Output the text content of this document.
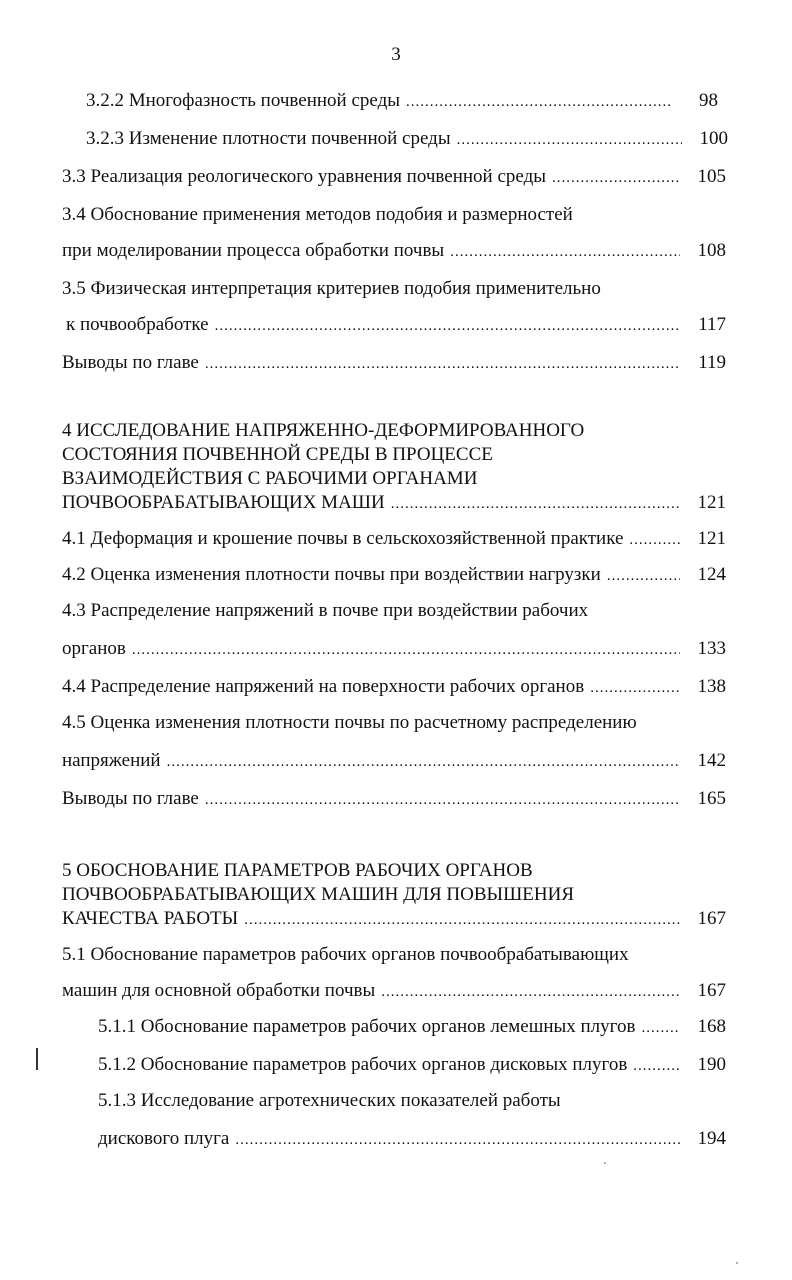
3
3.2.2 Многофазность почвенной среды .....	98
3.2.3 Изменение плотности почвенной среды .....	100
3.3 Реализация реологического уравнения почвенной среды .....	105
3.4 Обоснование применения методов подобия и размерностей
при моделировании процесса обработки почвы .....	108
3.5 Физическая интерпретация критериев подобия применительно
к почвообработке .....	117
Выводы по главе .....	119
4 ИССЛЕДОВАНИЕ НАПРЯЖЕННО-ДЕФОРМИРОВАННОГО
СОСТОЯНИЯ ПОЧВЕННОЙ СРЕДЫ В ПРОЦЕССЕ
ВЗАИМОДЕЙСТВИЯ С РАБОЧИМИ ОРГАНАМИ
ПОЧВООБРАБАТЫВАЮЩИХ МАШИ .....	121
4.1 Деформация и крошение почвы в сельскохозяйственной практике .....	121
4.2 Оценка изменения плотности почвы при воздействии нагрузки .....	124
4.3 Распределение напряжений в почве при воздействии рабочих
органов .....	133
4.4 Распределение напряжений на поверхности рабочих органов .....	138
4.5 Оценка изменения плотности почвы по расчетному распределению
напряжений .....	142
Выводы по главе .....	165
5 ОБОСНОВАНИЕ ПАРАМЕТРОВ РАБОЧИХ ОРГАНОВ
ПОЧВООБРАБАТЫВАЮЩИХ МАШИН ДЛЯ ПОВЫШЕНИЯ
КАЧЕСТВА РАБОТЫ .....	167
5.1 Обоснование параметров рабочих органов почвообрабатывающих
машин для основной обработки почвы .....	167
5.1.1 Обоснование параметров рабочих органов лемешных плугов .....	168
5.1.2 Обоснование параметров рабочих органов дисковых плугов .....	190
5.1.3 Исследование агротехнических показателей работы
дискового плуга .....	194
